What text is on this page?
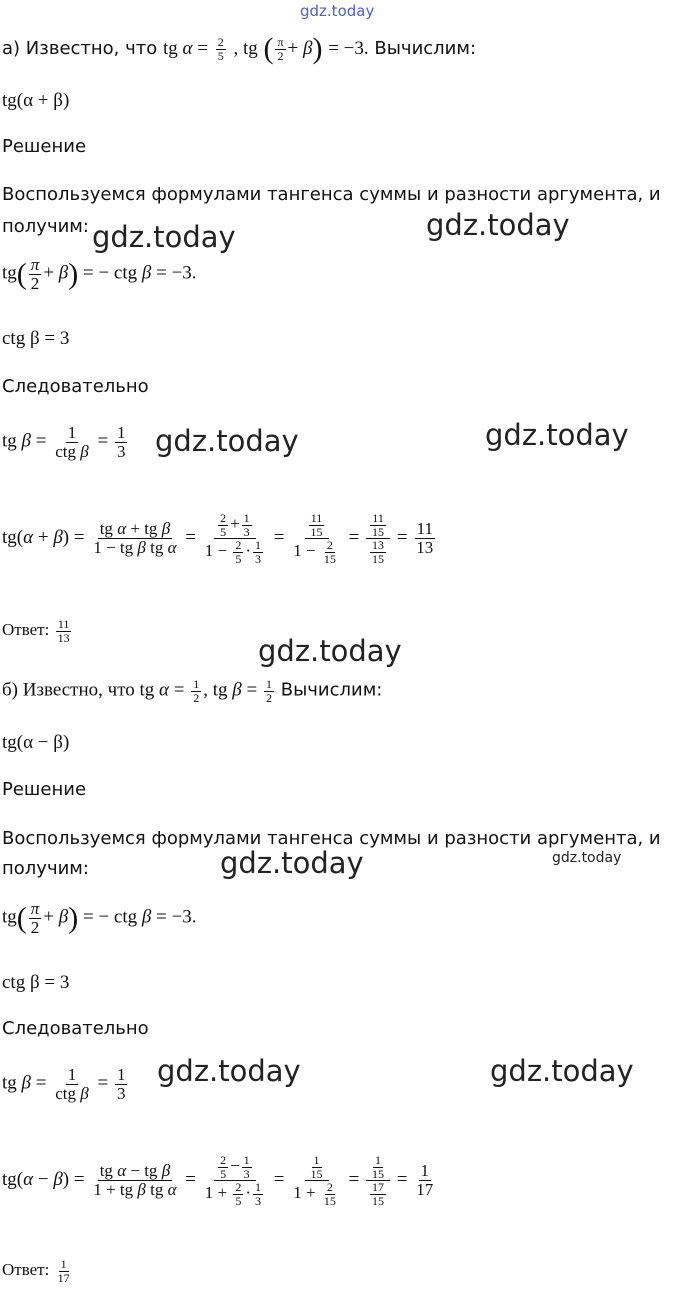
gdz.today
gdz.today	gdz.today
gdz.today	gdz.today
gdz.today
gdz.today	gdz.today
gdz.today	gdz.today
а) Известно, что tg $\alpha = \frac{2}{5}$ , tg ( $\frac{\pi}{2} + \beta) = -3$. Вычислим:
tg(α + β)
Решение
Воспользуемся формулами тангенса суммы и разности аргумента, и
получим:
$tg( \frac{\pi}{2} + \beta)$ = − ctg β = −3.
ctg β = 3
Следовательно
tg $\beta = \frac{1}{\text{ctg β}} = \frac{1}{3}$
$tg(\alpha + \beta) = \frac{\text{tg α + tg β}}{\text{1 − tg β tg α}} = \frac{\frac{2}{5} + \frac{1}{3}}{1 - \frac{2}{5} \cdot \frac{1}{3}} = \frac{\frac{11}{15}}{1 - \frac{2}{15}} = \frac{\frac{11}{15}}{\frac{13}{15}} = \frac{11}{13}$
Ответ: $\frac{11}{13}$
б) Известно, что tg $\alpha = \frac{1}{2}$ , tg $\beta = \frac{1}{2}$ Вычислим:
tg(α − β)
Решение
Воспользуемся формулами тангенса суммы и разности аргумента, и
получим:
$tg( \frac{\pi}{2} + \beta)$ = − ctg β = −3.
ctg β = 3
Следовательно
tg $\beta = \frac{1}{\text{ctg β}} = \frac{1}{3}$
$tg(\alpha - \beta) = \frac{\text{tg α − tg β}}{\text{1 + tg β tg α}} = \frac{\frac{2}{5} - \frac{1}{3}}{1 + \frac{2}{5} \cdot \frac{1}{3}} = \frac{\frac{1}{15}}{1 + \frac{2}{15}} = \frac{\frac{1}{15}}{\frac{17}{15}} = \frac{1}{17}$
Ответ: $\frac{1}{17}$
